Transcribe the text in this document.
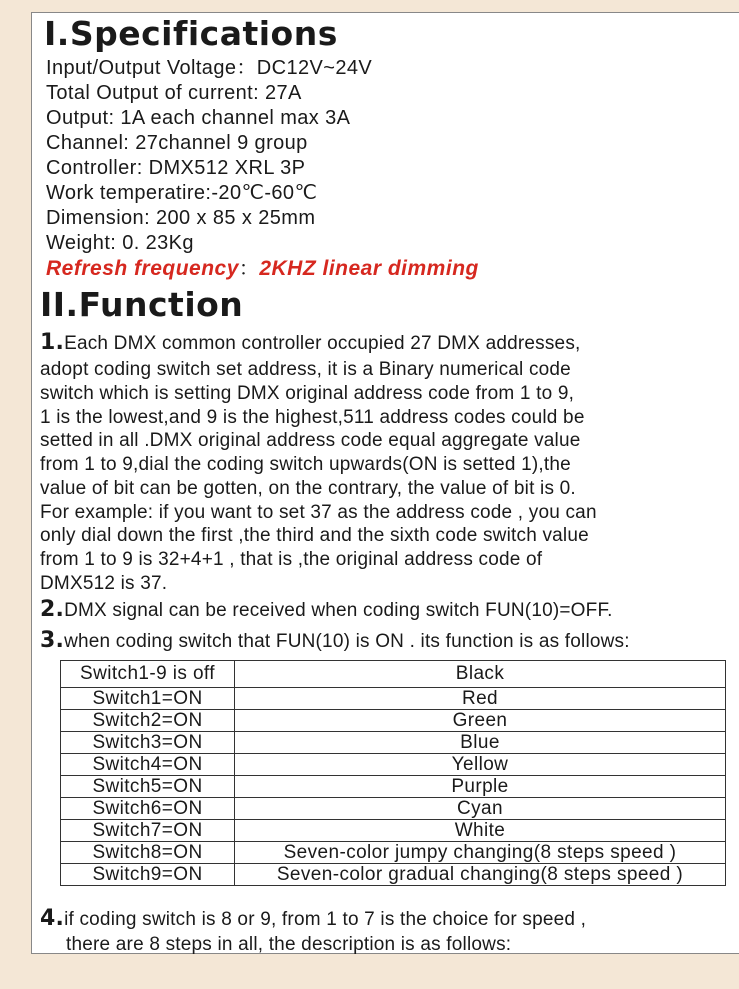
I.Specifications
Input/Output Voltage：DC12V~24V
Total Output of current: 27A
Output: 1A each channel max 3A
Channel: 27channel 9 group
Controller: DMX512 XRL 3P
Work temperatire:-20℃-60℃
Dimension: 200 x 85 x 25mm
Weight: 0. 23Kg
Refresh frequency：2KHZ linear dimming
II.Function
1.Each DMX common controller occupied 27 DMX addresses,
adopt coding switch set address, it is a Binary numerical code
switch which is setting DMX original address code from 1 to 9,
1 is the lowest,and 9 is the highest,511 address codes could be
setted in all .DMX original address code equal aggregate value
from 1 to 9,dial the coding switch upwards(ON is setted 1),the
value of bit can be gotten, on the contrary, the value of bit is 0.
For example: if you want to set 37 as the address code , you can
only dial down the first ,the third and the sixth code switch value
from 1 to 9 is 32+4+1 , that is ,the original address code of
DMX512 is 37.
2.DMX signal can be received when coding switch FUN(10)=OFF.
3.when coding switch that FUN(10) is ON . its function is as follows:
Switch1-9 is off	Black
Switch1=ON	Red
Switch2=ON	Green
Switch3=ON	Blue
Switch4=ON	Yellow
Switch5=ON	Purple
Switch6=ON	Cyan
Switch7=ON	White
Switch8=ON	Seven-color jumpy changing(8 steps speed )
Switch9=ON	Seven-color gradual changing(8 steps speed )
4.if coding switch is 8 or 9, from 1 to 7 is the choice for speed ,
there are 8 steps in all, the description is as follows:
